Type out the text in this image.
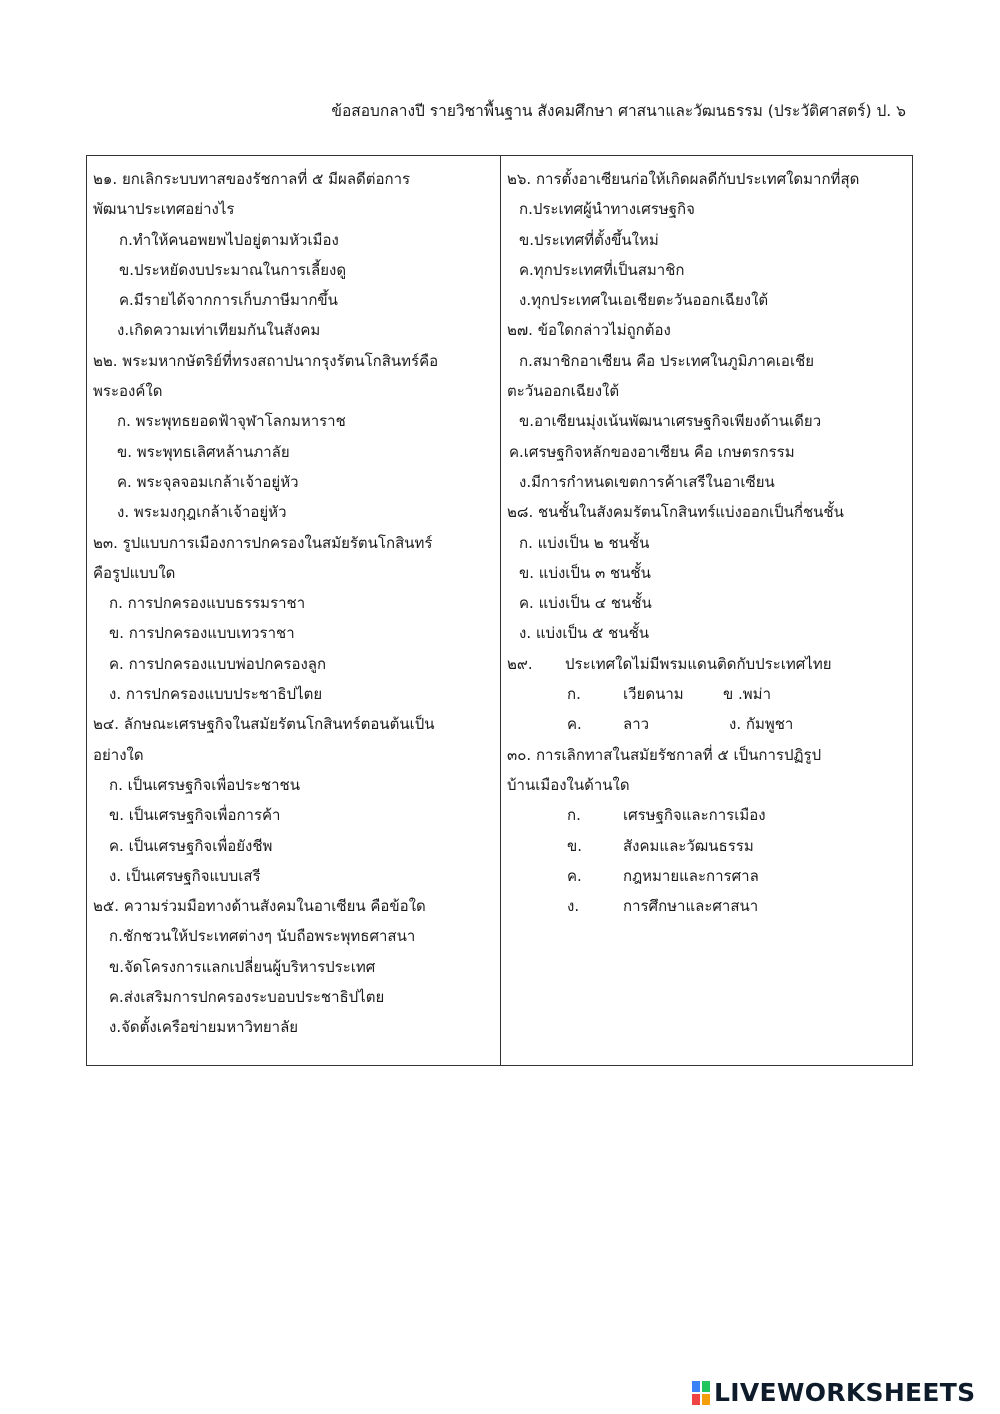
ข้อสอบกลางปี รายวิชาพื้นฐาน สังคมศึกษา ศาสนาและวัฒนธรรม (ประวัติศาสตร์) ป. ๖
๒๑. ยกเลิกระบบทาสของรัชกาลที่ ๕ มีผลดีต่อการ
พัฒนาประเทศอย่างไร
ก.ทำให้คนอพยพไปอยู่ตามหัวเมือง
ข.ประหยัดงบประมาณในการเลี้ยงดู
ค.มีรายได้จากการเก็บภาษีมากขึ้น
ง.เกิดความเท่าเทียมกันในสังคม
๒๒. พระมหากษัตริย์ที่ทรงสถาปนากรุงรัตนโกสินทร์คือ
พระองค์ใด
ก. พระพุทธยอดฟ้าจุฬาโลกมหาราช
ข. พระพุทธเลิศหล้านภาลัย
ค. พระจุลจอมเกล้าเจ้าอยู่หัว
ง. พระมงกุฎเกล้าเจ้าอยู่หัว
๒๓. รูปแบบการเมืองการปกครองในสมัยรัตนโกสินทร์
คือรูปแบบใด
ก. การปกครองแบบธรรมราชา
ข. การปกครองแบบเทวราชา
ค. การปกครองแบบพ่อปกครองลูก
ง. การปกครองแบบประชาธิปไตย
๒๔. ลักษณะเศรษฐกิจในสมัยรัตนโกสินทร์ตอนต้นเป็น
อย่างใด
ก. เป็นเศรษฐกิจเพื่อประชาชน
ข. เป็นเศรษฐกิจเพื่อการค้า
ค. เป็นเศรษฐกิจเพื่อยังชีพ
ง. เป็นเศรษฐกิจแบบเสรี
๒๕. ความร่วมมือทางด้านสังคมในอาเซียน คือข้อใด
ก.ชักชวนให้ประเทศต่างๆ นับถือพระพุทธศาสนา
ข.จัดโครงการแลกเปลี่ยนผู้บริหารประเทศ
ค.ส่งเสริมการปกครองระบอบประชาธิปไตย
ง.จัดตั้งเครือข่ายมหาวิทยาลัย
๒๖. การตั้งอาเซียนก่อให้เกิดผลดีกับประเทศใดมากที่สุด
ก.ประเทศผู้นำทางเศรษฐกิจ
ข.ประเทศที่ตั้งขึ้นใหม่
ค.ทุกประเทศที่เป็นสมาชิก
ง.ทุกประเทศในเอเชียตะวันออกเฉียงใต้
๒๗. ข้อใดกล่าวไม่ถูกต้อง
ก.สมาชิกอาเซียน คือ ประเทศในภูมิภาคเอเชีย
ตะวันออกเฉียงใต้
ข.อาเซียนมุ่งเน้นพัฒนาเศรษฐกิจเพียงด้านเดียว
ค.เศรษฐกิจหลักของอาเซียน คือ เกษตรกรรม
ง.มีการกำหนดเขตการค้าเสรีในอาเซียน
๒๘. ชนชั้นในสังคมรัตนโกสินทร์แบ่งออกเป็นกี่ชนชั้น
ก. แบ่งเป็น ๒ ชนชั้น
ข. แบ่งเป็น ๓ ชนชั้น
ค. แบ่งเป็น ๔ ชนชั้น
ง. แบ่งเป็น ๕ ชนชั้น
๒๙.	ประเทศใดไม่มีพรมแดนติดกับประเทศไทย
ก.	เวียดนาม	ข .พม่า
ค.	ลาว	ง. กัมพูชา
๓๐. การเลิกทาสในสมัยรัชกาลที่ ๕ เป็นการปฏิรูป
บ้านเมืองในด้านใด
ก.	เศรษฐกิจและการเมือง
ข.	สังคมและวัฒนธรรม
ค.	กฎหมายและการศาล
ง.	การศึกษาและศาสนา
LIVEWORKSHEETS
